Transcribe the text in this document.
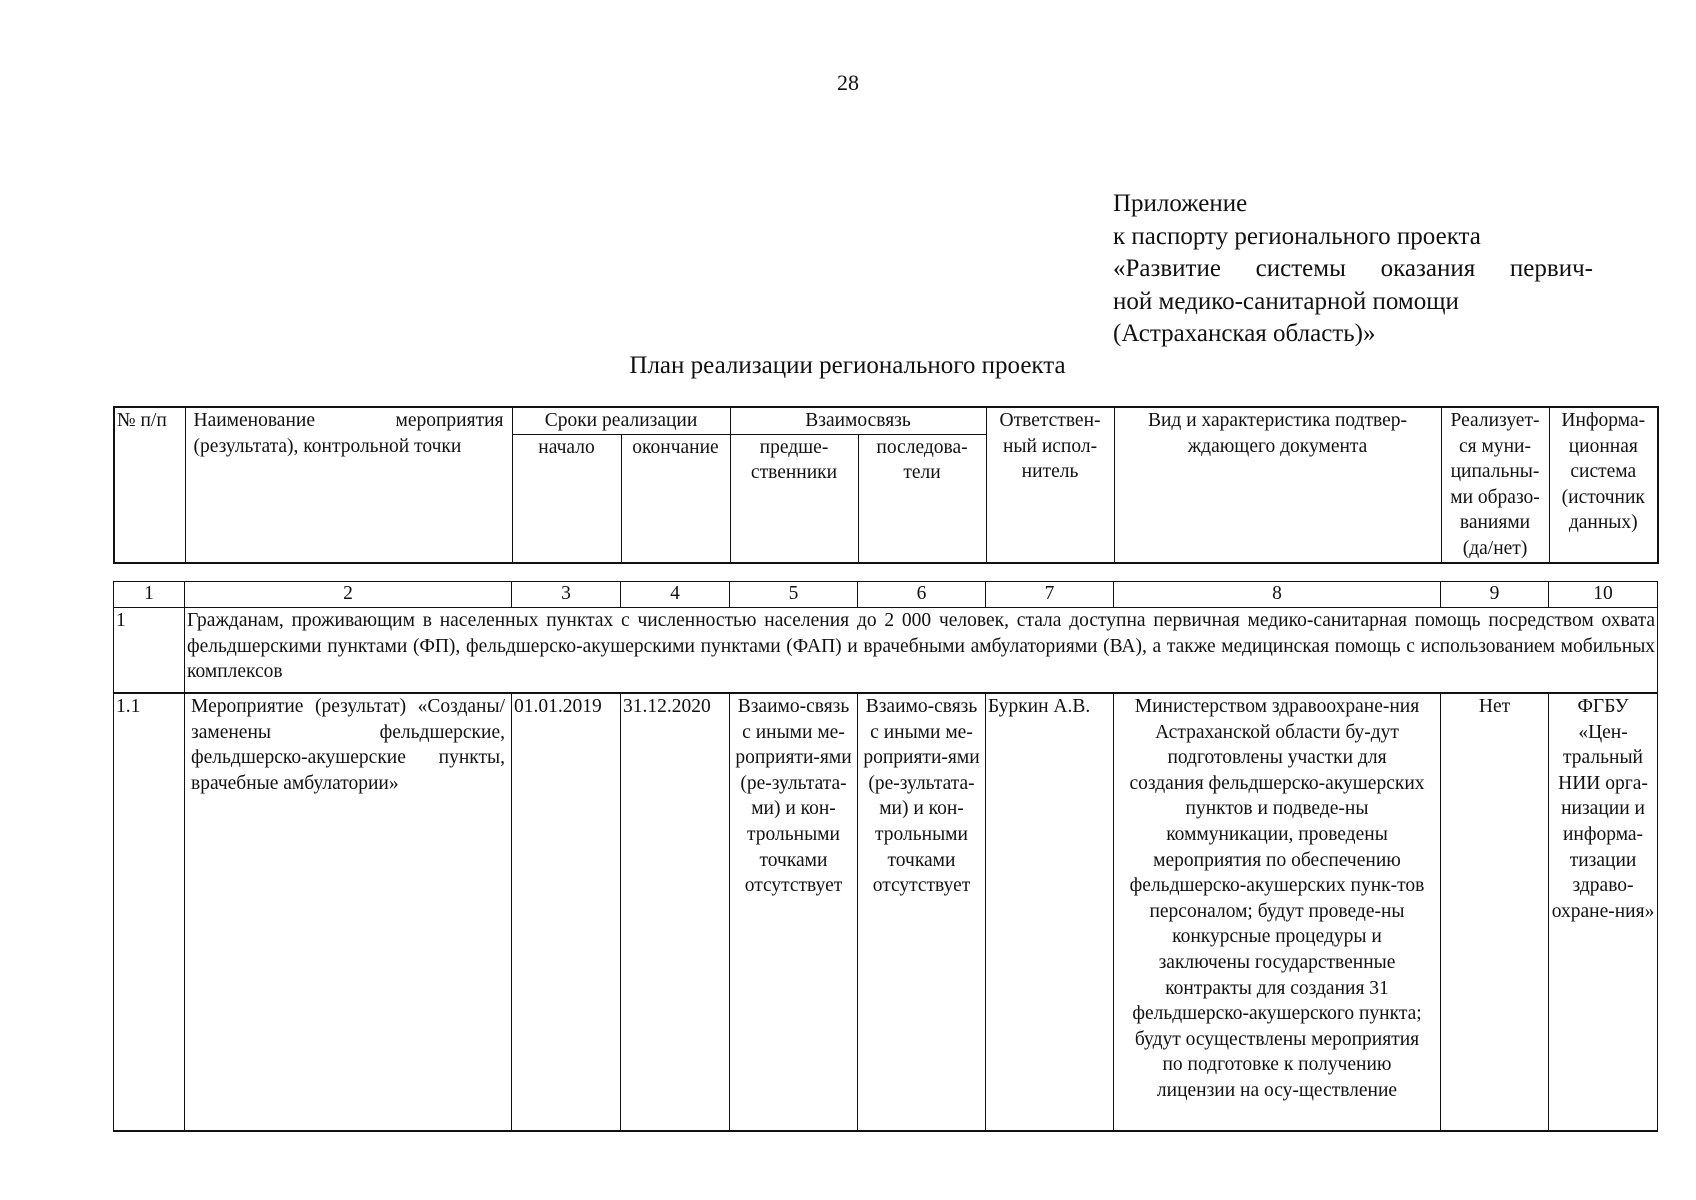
28
Приложение
к паспорту регионального проекта
«Развитие системы оказания первич-
ной медико-санитарной помощи
(Астраханская область)»
План реализации регионального проекта
№ п/п	Наименование мероприятия (результата), контрольной точки	Сроки реализации		Взаимосвязь		Ответствен-ный испол-нитель	Вид и характеристика подтвер-ждающего документа	Реализует-ся муни-ципальны-ми образо-ваниями (да/нет)	Информа-ционная система (источник данных)
		начало	окончание	предше-ственники	последова-тели				
1	2	3	4	5	6	7	8	9	10
1	Гражданам, проживающим в населенных пунктах с численностью населения до 2 000 человек, стала доступна первичная медико-санитарная помощь посредством охвата фельдшерскими пунктами (ФП), фельдшерско-акушерскими пунктами (ФАП) и врачебными амбулаториями (ВА), а также медицинская помощь с использованием мобильных комплексов								
1.1	Мероприятие (результат) «Созданы/заменены фельдшерские, фельдшерско-акушерские пункты, врачебные амбулатории»	01.01.2019	31.12.2020	Взаимо-связь с иными ме-роприяти-ями (ре-зультата-ми) и кон-трольными точками отсутствует	Взаимо-связь с иными ме-роприяти-ями (ре-зультата-ми) и кон-трольными точками отсутствует	Буркин А.В.	Министерством здравоохране-ния Астраханской области бу-дут подготовлены участки для создания фельдшерско-акушерских пунктов и подведе-ны коммуникации, проведены мероприятия по обеспечению фельдшерско-акушерских пунк-тов персоналом; будут проведе-ны конкурсные процедуры и заключены государственные контракты для создания 31 фельдшерско-акушерского пункта; будут осуществлены мероприятия по подготовке к получению лицензии на осу-ществление	Нет	ФГБУ «Цен-тральный НИИ орга-низации и информа-тизации здраво-охране-ния»
